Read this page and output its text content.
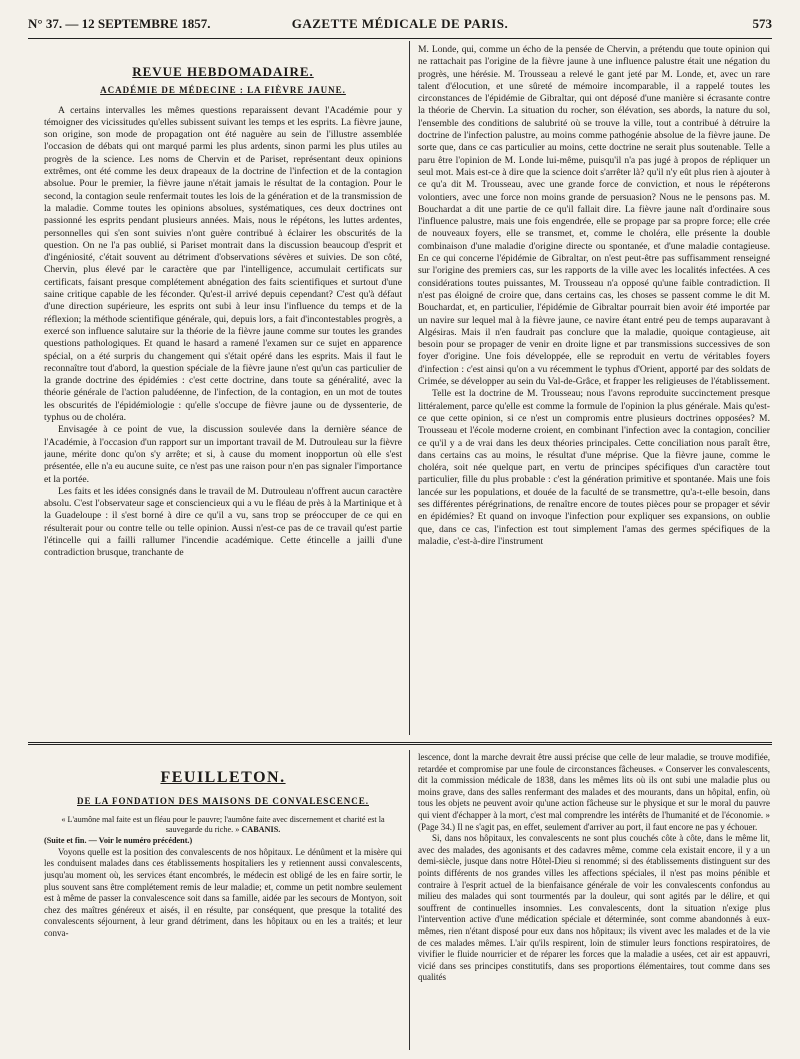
N° 37. — 12 SEPTEMBRE 1857.	GAZETTE MÉDICALE DE PARIS.	573

REVUE HEBDOMADAIRE.

ACADÉMIE DE MÉDECINE : LA FIÈVRE JAUNE.

A certains intervalles les mêmes questions reparaissent devant l'Académie pour y témoigner des vicissitudes qu'elles subissent suivant les temps et les esprits. La fièvre jaune, son origine, son mode de propagation ont été naguère au sein de l'illustre assemblée l'occasion de débats qui ont marqué parmi les plus ardents, sinon parmi les plus utiles au progrès de la science. Les noms de Chervin et de Pariset, représentant deux opinions extrêmes, ont été comme les deux drapeaux de la doctrine de l'infection et de la contagion absolue. Pour le premier, la fièvre jaune n'était jamais le résultat de la contagion. Pour le second, la contagion seule renfermait toutes les lois de la génération et de la transmission de la maladie. Comme toutes les opinions absolues, systématiques, ces deux doctrines ont passionné les esprits pendant plusieurs années. Mais, nous le répétons, les luttes ardentes, personnelles qui s'en sont suivies n'ont guère contribué à éclairer les obscurités de la question. On ne l'a pas oublié, si Pariset montrait dans la discussion beaucoup d'esprit et d'ingéniosité, c'était souvent au détriment d'observations sévères et suivies. De son côté, Chervin, plus élevé par le caractère que par l'intelligence, accumulait certificats sur certificats, faisant presque complétement abnégation des faits scientifiques et surtout d'une saine critique capable de les féconder. Qu'est-il arrivé depuis cependant? C'est qu'à défaut d'une direction supérieure, les esprits ont subi à leur insu l'influence du temps et de la réflexion; la méthode scientifique générale, qui, depuis lors, a fait d'incontestables progrès, a exercé son influence salutaire sur la théorie de la fièvre jaune comme sur toutes les grandes questions pathologiques. Et quand le hasard a ramené l'examen sur ce sujet en apparence spécial, on a été surpris du changement qui s'était opéré dans les esprits. Mais il faut le reconnaître tout d'abord, la question spéciale de la fièvre jaune n'est qu'un cas particulier de la grande doctrine des épidémies : c'est cette doctrine, dans toute sa généralité, avec la théorie générale de l'action paludéenne, de l'infection, de la contagion, en un mot de toutes les obscurités de l'épidémiologie : qu'elle s'occupe de fièvre jaune ou de dyssenterie, de typhus ou de choléra.

Envisagée à ce point de vue, la discussion soulevée dans la dernière séance de l'Académie, à l'occasion d'un rapport sur un important travail de M. Dutrouleau sur la fièvre jaune, mérite donc qu'on s'y arrête; et si, à cause du moment inopportun où elle s'est présentée, elle n'a eu aucune suite, ce n'est pas une raison pour n'en pas signaler l'importance et la portée.

Les faits et les idées consignés dans le travail de M. Dutrouleau n'offrent aucun caractère absolu. C'est l'observateur sage et consciencieux qui a vu le fléau de près à la Martinique et à la Guadeloupe : il s'est borné à dire ce qu'il a vu, sans trop se préoccuper de ce qui en résulterait pour ou contre telle ou telle opinion. Aussi n'est-ce pas de ce travail qu'est partie l'étincelle qui a failli rallumer l'incendie académique. Cette étincelle a jailli d'une contradiction brusque, tranchante de

M. Londe, qui, comme un écho de la pensée de Chervin, a prétendu que toute opinion qui ne rattachait pas l'origine de la fièvre jaune à une influence palustre était une négation du progrès, une hérésie. M. Trousseau a relevé le gant jeté par M. Londe, et, avec un rare talent d'élocution, et une sûreté de mémoire incomparable, il a rappelé toutes les circonstances de l'épidémie de Gibraltar, qui ont déposé d'une manière si écrasante contre la théorie de Chervin. La situation du rocher, son élévation, ses abords, la nature du sol, l'ensemble des conditions de salubrité où se trouve la ville, tout a contribué à détruire la doctrine de l'infection palustre, au moins comme pathogénie absolue de la fièvre jaune. De sorte que, dans ce cas particulier au moins, cette doctrine ne serait plus soutenable. Telle a paru être l'opinion de M. Londe lui-même, puisqu'il n'a pas jugé à propos de répliquer un seul mot. Mais est-ce à dire que la science doit s'arrêter là? qu'il n'y eût plus rien à ajouter à ce qu'a dit M. Trousseau, avec une grande force de conviction, et nous le répéterons volontiers, avec une force non moins grande de persuasion? Nous ne le pensons pas. M. Bouchardat a dit une partie de ce qu'il fallait dire. La fièvre jaune naît d'ordinaire sous l'influence palustre, mais une fois engendrée, elle se propage par sa propre force; elle crée de nouveaux foyers, elle se transmet, et, comme le choléra, elle présente la double combinaison d'une maladie d'origine directe ou spontanée, et d'une maladie contagieuse. En ce qui concerne l'épidémie de Gibraltar, on n'est peut-être pas suffisamment renseigné sur l'origine des premiers cas, sur les rapports de la ville avec les localités infectées. A ces considérations toutes puissantes, M. Trousseau n'a opposé qu'une faible contradiction. Il n'est pas éloigné de croire que, dans certains cas, les choses se passent comme le dit M. Bouchardat, et, en particulier, l'épidémie de Gibraltar pourrait bien avoir été importée par un navire sur lequel mal à la fièvre jaune, ce navire étant entré peu de temps auparavant à Algésiras. Mais il n'en faudrait pas conclure que la maladie, quoique contagieuse, ait besoin pour se propager de venir en droite ligne et par transmissions successives de son foyer d'origine. Une fois développée, elle se reproduit en vertu de véritables foyers d'infection : c'est ainsi qu'on a vu récemment le typhus d'Orient, apporté par des soldats de Crimée, se développer au sein du Val-de-Grâce, et frapper les religieuses de l'établissement.

Telle est la doctrine de M. Trousseau; nous l'avons reproduite succinctement presque littéralement, parce qu'elle est comme la formule de l'opinion la plus générale. Mais qu'est-ce que cette opinion, si ce n'est un compromis entre plusieurs doctrines opposées? M. Trousseau et l'école moderne croient, en combinant l'infection avec la contagion, concilier ce qu'il y a de vrai dans les deux théories principales. Cette conciliation nous paraît être, dans certains cas au moins, le résultat d'une méprise. Que la fièvre jaune, comme le choléra, soit née quelque part, en vertu de principes spécifiques d'un caractère tout particulier, fille du plus probable : c'est la génération primitive et spontanée. Mais une fois lancée sur les populations, et douée de la faculté de se transmettre, qu'a-t-elle besoin, dans ses différentes pérégrinations, de renaître encore de toutes pièces pour se propager et sévir en épidémies? Et quand on invoque l'infection pour expliquer ses expansions, on oublie que, dans ce cas, l'infection est tout simplement l'amas des germes spécifiques de la maladie, c'est-à-dire l'instrument

FEUILLETON.

DE LA FONDATION DES MAISONS DE CONVALESCENCE.

« L'aumône mal faite est un fléau pour le pauvre; l'aumône faite avec discernement et charité est la sauvegarde du riche. » CABANIS.

(Suite et fin. — Voir le numéro précédent.)

Voyons quelle est la position des convalescents de nos hôpitaux. Le dénûment et la misère qui les conduisent malades dans ces établissements hospitaliers les y retiennent aussi convalescents, jusqu'au moment où, les services étant encombrés, le médecin est obligé de les en faire sortir, le plus souvent sans être complétement remis de leur maladie; et, comme un petit nombre seulement est à même de passer la convalescence soit dans sa famille, aidée par les secours de Montyon, soit chez des maîtres généreux et aisés, il en résulte, par conséquent, que presque la totalité des convalescents séjournent, à leur grand détriment, dans les hôpitaux ou en les a traités; et leur conva-

lescence, dont la marche devrait être aussi précise que celle de leur maladie, se trouve modifiée, retardée et compromise par une foule de circonstances fâcheuses. « Conserver les convalescents, dit la commission médicale de 1838, dans les mêmes lits où ils ont subi une maladie plus ou moins grave, dans des salles renfermant des malades et des mourants, dans un hôpital, enfin, où tous les objets ne peuvent avoir qu'une action fâcheuse sur le physique et sur le moral du pauvre qui vient d'échapper à la mort, c'est mal comprendre les intérêts de l'humanité et de l'économie. » (Page 34.) Il ne s'agit pas, en effet, seulement d'arriver au port, il faut encore ne pas y échouer.

Si, dans nos hôpitaux, les convalescents ne sont plus couchés côte à côte, dans le même lit, avec des malades, des agonisants et des cadavres même, comme cela existait encore, il y a un demi-siècle, jusque dans notre Hôtel-Dieu si renommé; si des établissements distinguent sur des points différents de nos grandes villes les affections spéciales, il n'est pas moins pénible et contraire à l'esprit actuel de la bienfaisance générale de voir les convalescents confondus au milieu des malades qui sont tourmentés par la douleur, qui sont agités par le délire, et qui souffrent de continuelles insomnies. Les convalescents, dont la situation n'exige plus l'intervention active d'une médication spéciale et déterminée, sont comme abandonnés à eux-mêmes, rien n'étant disposé pour eux dans nos hôpitaux; ils vivent avec les malades et de la vie de ces malades mêmes. L'air qu'ils respirent, loin de stimuler leurs fonctions respiratoires, de vivifier le fluide nourricier et de réparer les forces que la maladie a usées, cet air est appauvri, vicié dans ses principes constitutifs, dans ses proportions élémentaires, tout comme dans ses qualités
